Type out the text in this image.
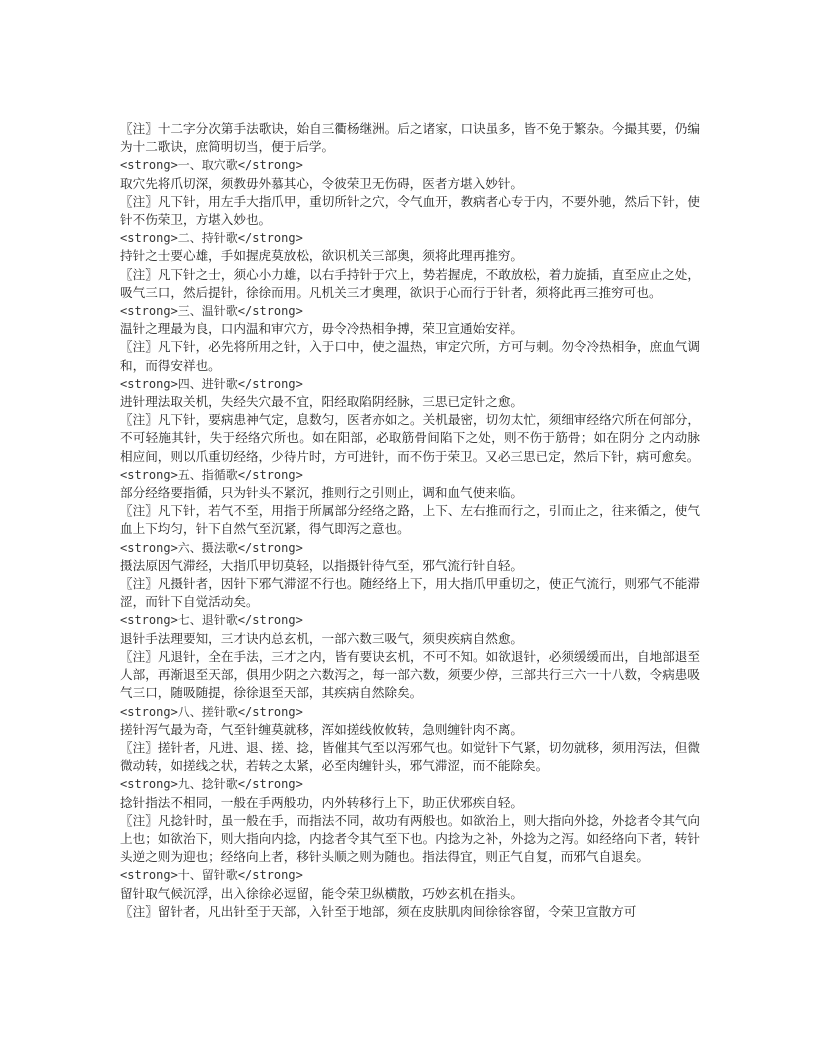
〖注〗十二字分次第手法歌诀，始自三衢杨继洲。后之诸家，口诀虽多，皆不免于繁杂。今撮其要，仍编为十二歌诀，庶简明切当，便于后学。

<strong>一、取穴歌</strong>

取穴先将爪切深，须教毋外慕其心，令彼荣卫无伤碍，医者方堪入妙针。

〖注〗凡下针，用左手大指爪甲，重切所针之穴，令气血开，教病者心专于内，不要外驰，然后下针，使针不伤荣卫，方堪入妙也。

<strong>二、持针歌</strong>

持针之士要心雄，手如握虎莫放松，欲识机关三部奥，须将此理再推穷。

〖注〗凡下针之士，须心小力雄，以右手持针于穴上，势若握虎，不敢放松，着力旋插，直至应止之处，吸气三口，然后提针，徐徐而用。凡机关三才奥理，欲识于心而行于针者，须将此再三推穷可也。

<strong>三、温针歌</strong>

温针之理最为良，口内温和审穴方，毋令冷热相争搏，荣卫宣通始安祥。

〖注〗凡下针，必先将所用之针，入于口中，使之温热，审定穴所，方可与刺。勿令冷热相争，庶血气调和，而得安祥也。

<strong>四、进针歌</strong>

进针理法取关机，失经失穴最不宜，阳经取陷阴经脉，三思已定针之愈。

〖注〗凡下针，要病患神气定，息数匀，医者亦如之。关机最密，切勿太忙，须细审经络穴所在何部分，不可轻施其针，失于经络穴所也。如在阳部，必取筋骨间陷下之处，则不伤于筋骨；如在阴分 之内动脉相应间，则以爪重切经络，少待片时，方可进针，而不伤于荣卫。又必三思已定，然后下针，病可愈矣。

<strong>五、指循歌</strong>

部分经络要指循，只为针头不紧沉，推则行之引则止，调和血气使来临。

〖注〗凡下针，若气不至，用指于所属部分经络之路，上下、左右推而行之，引而止之，往来循之，使气血上下均匀，针下自然气至沉紧，得气即泻之意也。

<strong>六、摄法歌</strong>

摄法原因气滞经，大指爪甲切莫轻，以指摄针待气至，邪气流行针自轻。

〖注〗凡摄针者，因针下邪气滞涩不行也。随经络上下，用大指爪甲重切之，使正气流行，则邪气不能滞涩，而针下自觉活动矣。

<strong>七、退针歌</strong>

退针手法理要知，三才诀内总玄机，一部六数三吸气，须臾疾病自然愈。

〖注〗凡退针，全在手法，三才之内，皆有要诀玄机，不可不知。如欲退针，必须缓缓而出，自地部退至人部，再渐退至天部，俱用少阴之六数泻之，每一部六数，须要少停，三部共行三六一十八数，令病患吸气三口，随吸随提，徐徐退至天部，其疾病自然除矣。

<strong>八、搓针歌</strong>

搓针泻气最为奇，气至针缠莫就移，浑如搓线攸攸转，急则缠针肉不离。

〖注〗搓针者，凡进、退、搓、捻，皆催其气至以泻邪气也。如觉针下气紧，切勿就移，须用泻法，但微微动转，如搓线之状，若转之太紧，必至肉缠针头，邪气滞涩，而不能除矣。

<strong>九、捻针歌</strong>

捻针指法不相同，一般在手两般功，内外转移行上下，助正伏邪疾自轻。

〖注〗凡捻针时，虽一般在手，而指法不同，故功有两般也。如欲治上，则大指向外捻，外捻者令其气向上也；如欲治下，则大指向内捻，内捻者令其气至下也。内捻为之补，外捻为之泻。如经络向下者，转针头逆之则为迎也；经络向上者，移针头顺之则为随也。指法得宜，则正气自复，而邪气自退矣。

<strong>十、留针歌</strong>

留针取气候沉浮，出入徐徐必逗留，能令荣卫纵横散，巧妙玄机在指头。

〖注〗留针者，凡出针至于天部，入针至于地部，须在皮肤肌肉间徐徐容留，令荣卫宣散方可
